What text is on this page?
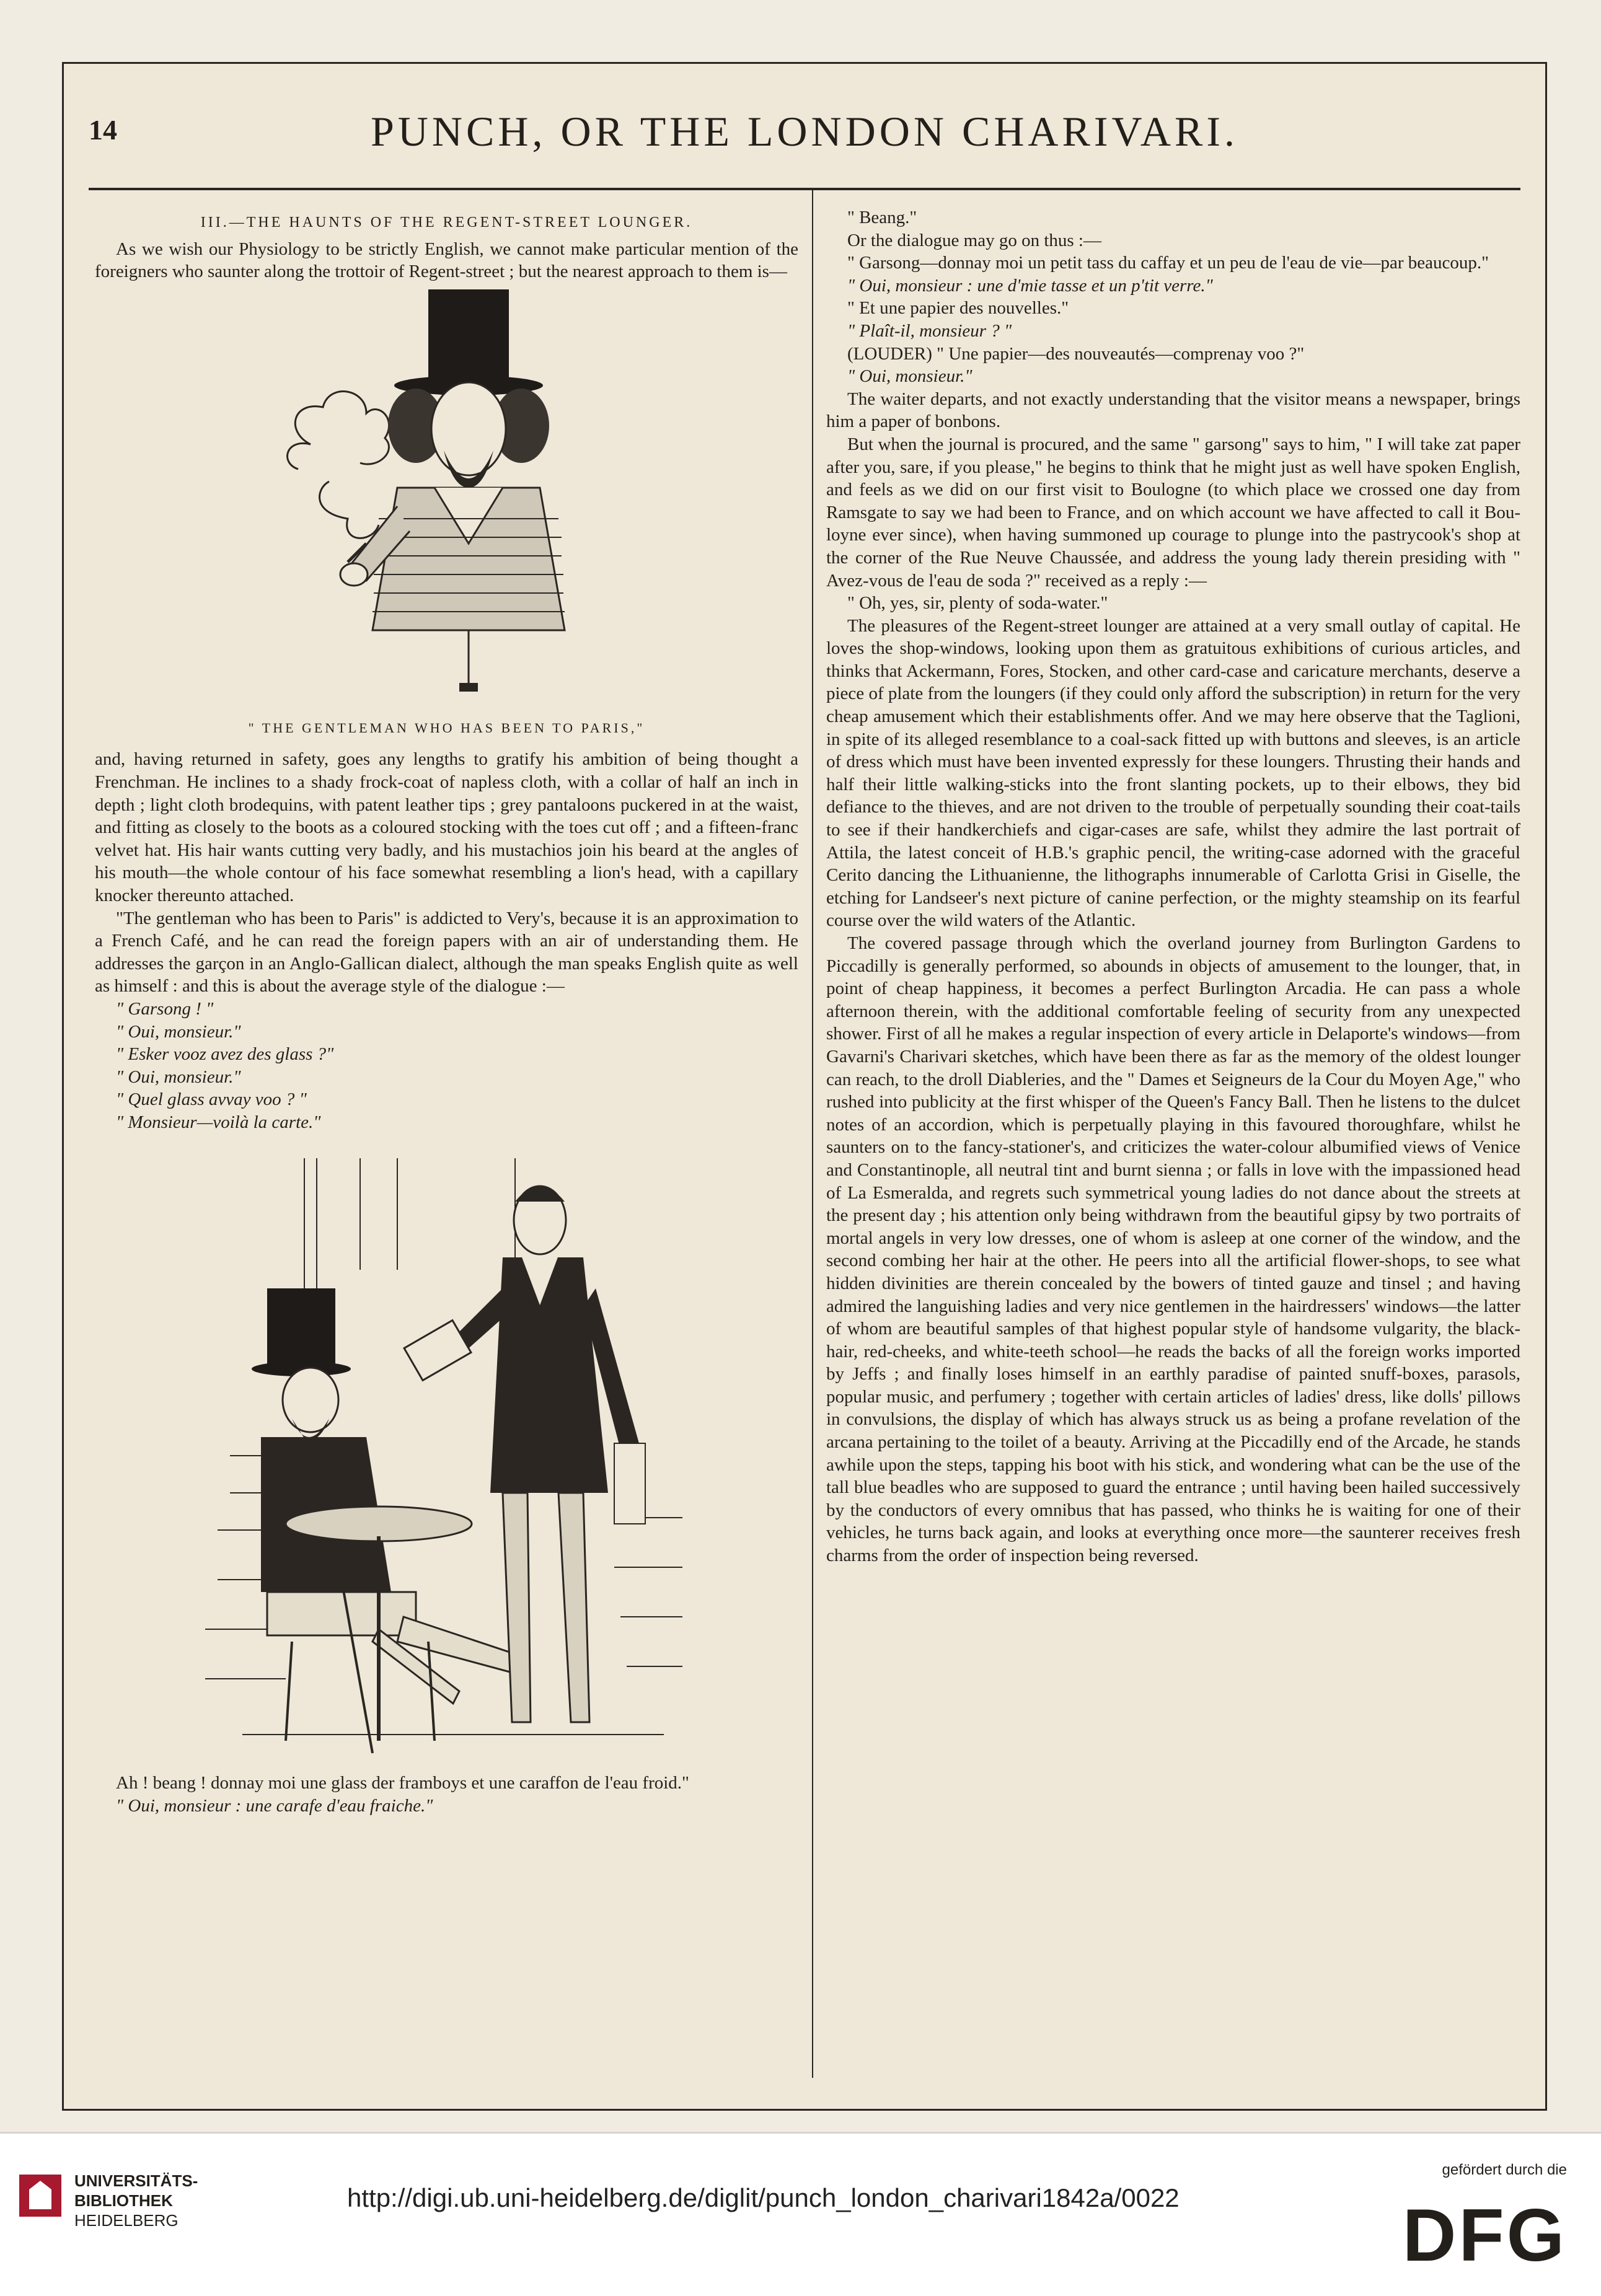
14	PUNCH, OR THE LONDON CHARIVARI.
III.—THE HAUNTS OF THE REGENT-STREET LOUNGER.

As we wish our Physiology to be strictly English, we cannot make particular mention of the foreigners who saunter along the trottoir of Regent-street ; but the nearest approach to them is—

" THE GENTLEMAN WHO HAS BEEN TO PARIS,"

and, having returned in safety, goes any lengths to gratify his ambition of being thought a Frenchman. He inclines to a shady frock-coat of napless cloth, with a collar of half an inch in depth ; light cloth brodequins, with patent leather tips ; grey pantaloons puckered in at the waist, and fitting as closely to the boots as a coloured stocking with the toes cut off ; and a fifteen-franc velvet hat. His hair wants cutting very badly, and his mustachios join his beard at the angles of his mouth—the whole contour of his face somewhat resembling a lion's head, with a capillary knocker thereunto attached.

"The gentleman who has been to Paris" is addicted to Very's, because it is an approximation to a French Café, and he can read the foreign papers with an air of understanding them. He addresses the garçon in an Anglo-Gallican dialect, although the man speaks English quite as well as himself : and this is about the average style of the dialogue :—

" Garsong ! "

" Oui, monsieur."

" Esker vooz avez des glass ?"

" Oui, monsieur."

" Quel glass avvay voo ? "

" Monsieur—voilà la carte."

Ah ! beang ! donnay moi une glass der framboys et une caraffon de l'eau froid."

" Oui, monsieur : une carafe d'eau fraiche."

" Beang."

Or the dialogue may go on thus :—

" Garsong—donnay moi un petit tass du caffay et un peu de l'eau de vie—par beaucoup."

" Oui, monsieur : une d'mie tasse et un p'tit verre."

" Et une papier des nouvelles."

" Plaît-il, monsieur ? "

(LOUDER) " Une papier—des nouveautés—comprenay voo ?"

" Oui, monsieur."

The waiter departs, and not exactly understanding that the visitor means a newspaper, brings him a paper of bonbons.

But when the journal is procured, and the same " garsong" says to him, " I will take zat paper after you, sare, if you please," he begins to think that he might just as well have spoken English, and feels as we did on our first visit to Boulogne (to which place we crossed one day from Ramsgate to say we had been to France, and on which account we have affected to call it Bou-loyne ever since), when having summoned up courage to plunge into the pastrycook's shop at the corner of the Rue Neuve Chaussée, and address the young lady therein presiding with " Avez-vous de l'eau de soda ?" received as a reply :—

" Oh, yes, sir, plenty of soda-water."

The pleasures of the Regent-street lounger are attained at a very small outlay of capital. He loves the shop-windows, looking upon them as gratuitous exhibitions of curious articles, and thinks that Ackermann, Fores, Stocken, and other card-case and caricature merchants, deserve a piece of plate from the loungers (if they could only afford the subscription) in return for the very cheap amusement which their establishments offer. And we may here observe that the Taglioni, in spite of its alleged resemblance to a coal-sack fitted up with buttons and sleeves, is an article of dress which must have been invented expressly for these loungers. Thrusting their hands and half their little walking-sticks into the front slanting pockets, up to their elbows, they bid defiance to the thieves, and are not driven to the trouble of perpetually sounding their coat-tails to see if their handkerchiefs and cigar-cases are safe, whilst they admire the last portrait of Attila, the latest conceit of H.B.'s graphic pencil, the writing-case adorned with the graceful Cerito dancing the Lithuanienne, the lithographs innumerable of Carlotta Grisi in Giselle, the etching for Landseer's next picture of canine perfection, or the mighty steamship on its fearful course over the wild waters of the Atlantic.

The covered passage through which the overland journey from Burlington Gardens to Piccadilly is generally performed, so abounds in objects of amusement to the lounger, that, in point of cheap happiness, it becomes a perfect Burlington Arcadia. He can pass a whole afternoon therein, with the additional comfortable feeling of security from any unexpected shower. First of all he makes a regular inspection of every article in Delaporte's windows—from Gavarni's Charivari sketches, which have been there as far as the memory of the oldest lounger can reach, to the droll Diableries, and the " Dames et Seigneurs de la Cour du Moyen Age," who rushed into publicity at the first whisper of the Queen's Fancy Ball. Then he listens to the dulcet notes of an accordion, which is perpetually playing in this favoured thoroughfare, whilst he saunters on to the fancy-stationer's, and criticizes the water-colour albumified views of Venice and Constantinople, all neutral tint and burnt sienna ; or falls in love with the impassioned head of La Esmeralda, and regrets such symmetrical young ladies do not dance about the streets at the present day ; his attention only being withdrawn from the beautiful gipsy by two portraits of mortal angels in very low dresses, one of whom is asleep at one corner of the window, and the second combing her hair at the other. He peers into all the artificial flower-shops, to see what hidden divinities are therein concealed by the bowers of tinted gauze and tinsel ; and having admired the languishing ladies and very nice gentlemen in the hairdressers' windows—the latter of whom are beautiful samples of that highest popular style of handsome vulgarity, the black-hair, red-cheeks, and white-teeth school—he reads the backs of all the foreign works imported by Jeffs ; and finally loses himself in an earthly paradise of painted snuff-boxes, parasols, popular music, and perfumery ; together with certain articles of ladies' dress, like dolls' pillows in convulsions, the display of which has always struck us as being a profane revelation of the arcana pertaining to the toilet of a beauty. Arriving at the Piccadilly end of the Arcade, he stands awhile upon the steps, tapping his boot with his stick, and wondering what can be the use of the tall blue beadles who are supposed to guard the entrance ; until having been hailed successively by the conductors of every omnibus that has passed, who thinks he is waiting for one of their vehicles, he turns back again, and looks at everything once more—the saunterer receives fresh charms from the order of inspection being reversed.

UNIVERSITÄTS-
BIBLIOTHEK
HEIDELBERG
http://digi.ub.uni-heidelberg.de/diglit/punch_london_charivari1842a/0022
gefördert durch die
DFG
